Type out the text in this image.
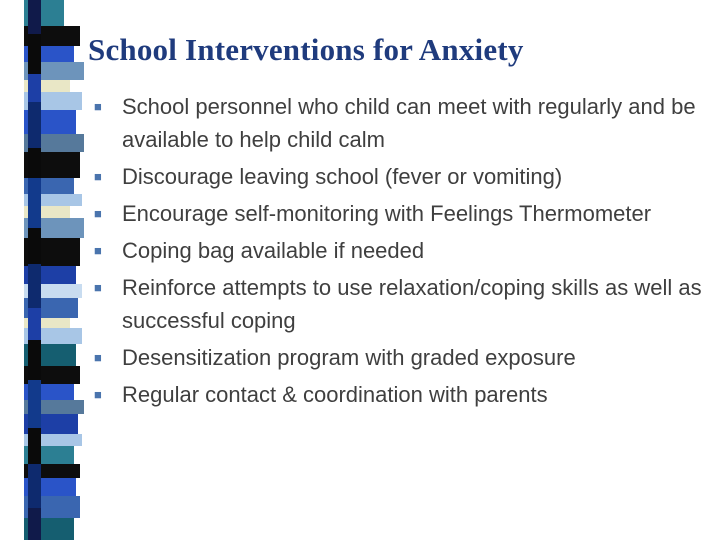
School Interventions for Anxiety
■ School personnel who child can meet with regularly and be available to help child calm
■ Discourage leaving school (fever or vomiting)
■ Encourage self-monitoring with Feelings Thermometer
■ Coping bag available if needed
■ Reinforce attempts to use relaxation/coping skills as well as successful coping
■ Desensitization program with graded exposure
■ Regular contact & coordination with parents
